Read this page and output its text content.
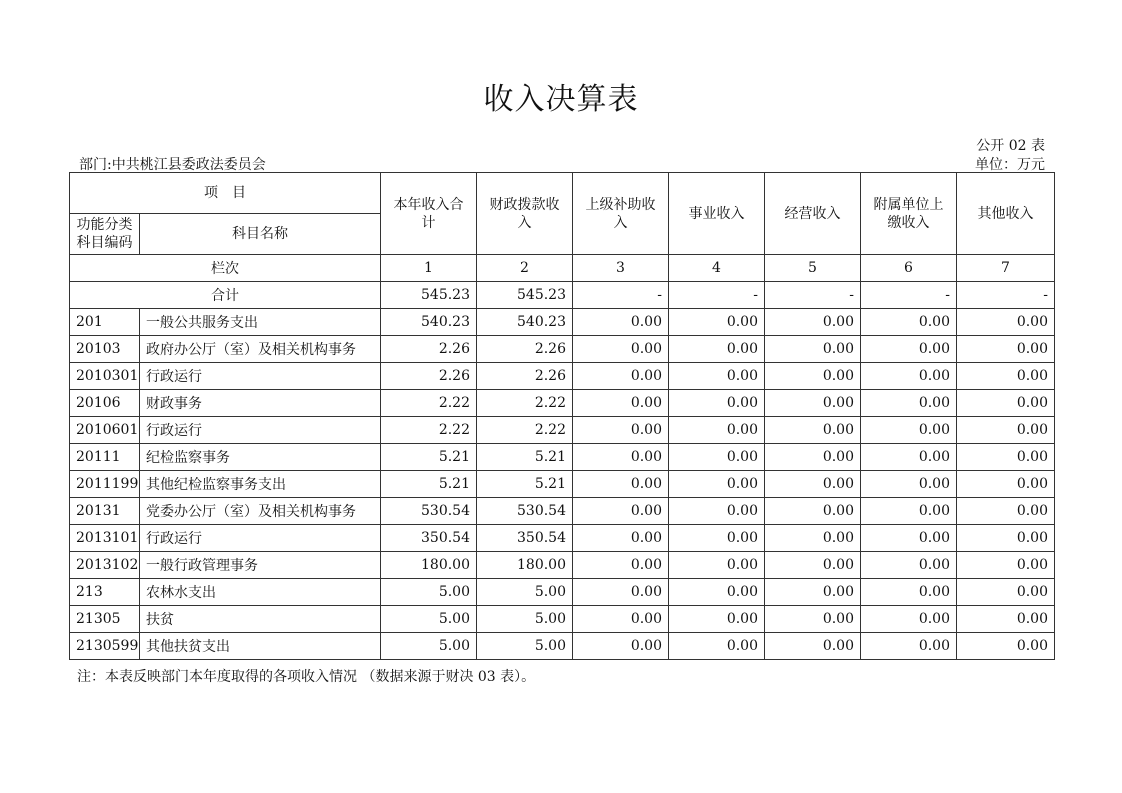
收入决算表
公开 02 表
部门:中共桃江县委政法委员会	单位：万元
项　目		本年收入合计	财政拨款收入	上级补助收入	事业收入	经营收入	附属单位上缴收入	其他收入
功能分类科目编码	科目名称							
栏次		1	2	3	4	5	6	7
合计		545.23	545.23	-	-	-	-	-
201	一般公共服务支出	540.23	540.23	0.00	0.00	0.00	0.00	0.00
20103	政府办公厅（室）及相关机构事务	2.26	2.26	0.00	0.00	0.00	0.00	0.00
2010301	行政运行	2.26	2.26	0.00	0.00	0.00	0.00	0.00
20106	财政事务	2.22	2.22	0.00	0.00	0.00	0.00	0.00
2010601	行政运行	2.22	2.22	0.00	0.00	0.00	0.00	0.00
20111	纪检监察事务	5.21	5.21	0.00	0.00	0.00	0.00	0.00
2011199	其他纪检监察事务支出	5.21	5.21	0.00	0.00	0.00	0.00	0.00
20131	党委办公厅（室）及相关机构事务	530.54	530.54	0.00	0.00	0.00	0.00	0.00
2013101	行政运行	350.54	350.54	0.00	0.00	0.00	0.00	0.00
2013102	一般行政管理事务	180.00	180.00	0.00	0.00	0.00	0.00	0.00
213	农林水支出	5.00	5.00	0.00	0.00	0.00	0.00	0.00
21305	扶贫	5.00	5.00	0.00	0.00	0.00	0.00	0.00
2130599	其他扶贫支出	5.00	5.00	0.00	0.00	0.00	0.00	0.00
注：本表反映部门本年度取得的各项收入情况 （数据来源于财决 03 表）。
